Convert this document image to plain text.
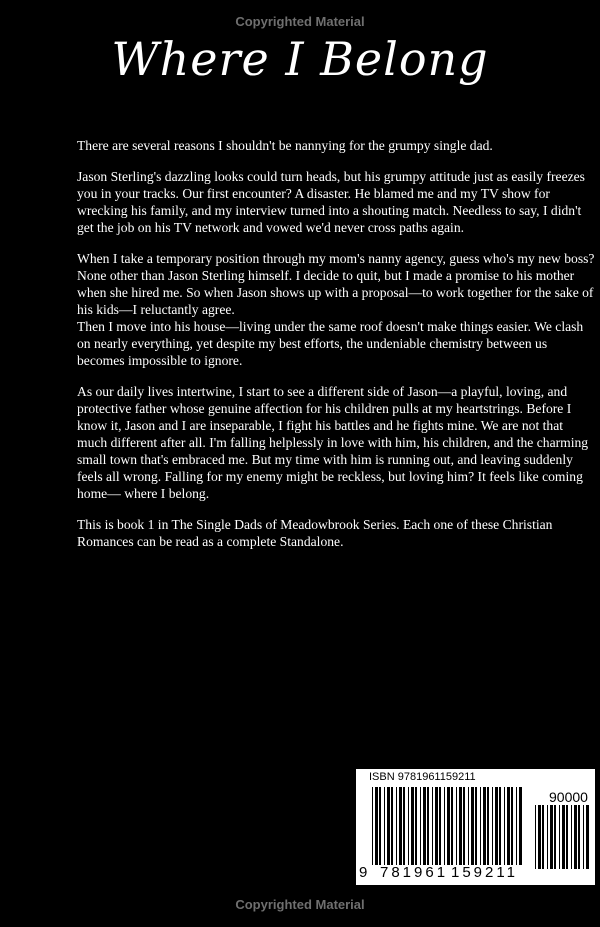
Copyrighted Material
Where I Belong

There are several reasons I shouldn't be nannying for the grumpy single dad.

Jason Sterling's dazzling looks could turn heads, but his grumpy attitude just as easily freezes you in your tracks. Our first encounter? A disaster. He blamed me and my TV show for wrecking his family, and my interview turned into a shouting match. Needless to say, I didn't get the job on his TV network and vowed we'd never cross paths again.

When I take a temporary position through my mom's nanny agency, guess who's my new boss? None other than Jason Sterling himself. I decide to quit, but I made a promise to his mother when she hired me. So when Jason shows up with a proposal—to work together for the sake of his kids—I reluctantly agree.

Then I move into his house—living under the same roof doesn't make things easier. We clash on nearly everything, yet despite my best efforts, the undeniable chemistry between us becomes impossible to ignore.

As our daily lives intertwine, I start to see a different side of Jason—a playful, loving, and protective father whose genuine affection for his children pulls at my heartstrings. Before I know it, Jason and I are inseparable, I fight his battles and he fights mine. We are not that much different after all. I'm falling helplessly in love with him, his children, and the charming small town that's embraced me. But my time with him is running out, and leaving suddenly feels all wrong. Falling for my enemy might be reckless, but loving him? It feels like coming home— where I belong.

This is book 1 in The Single Dads of Meadowbrook Series. Each one of these Christian Romances can be read as a complete Standalone.

ISBN 9781961159211
90000
9 781961 159211
Copyrighted Material
